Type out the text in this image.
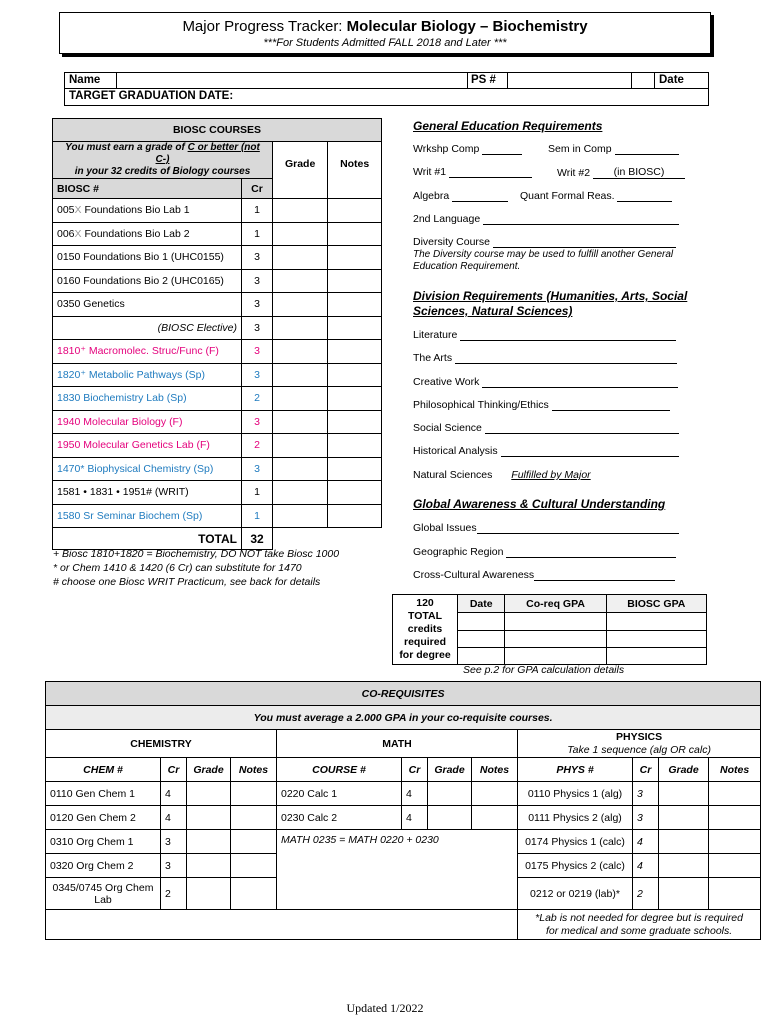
Major Progress Tracker: Molecular Biology – Biochemistry
***For Students Admitted FALL 2018 and Later ***
Name	PS #	Date
TARGET GRADUATION DATE:
BIOSC COURSES			
You must earn a grade of C or better (not C-)
in your 32 credits of Biology courses		Grade	Notes
BIOSC #	Cr		
005X Foundations Bio Lab 1	1		
006X Foundations Bio Lab 2	1		
0150 Foundations Bio 1 (UHC0155)	3		
0160 Foundations Bio 2 (UHC0165)	3		
0350 Genetics	3		
(BIOSC Elective)	3		
1810⁺ Macromolec. Struc/Func (F)	3		
1820⁺ Metabolic Pathways (Sp)	3		
1830 Biochemistry Lab (Sp)	2		
1940 Molecular Biology (F)	3		
1950 Molecular Genetics Lab (F)	2		
1470* Biophysical Chemistry (Sp)	3		
1581 • 1831 • 1951# (WRIT)	1		
1580 Sr Seminar Biochem (Sp)	1		
TOTAL	32		
+ Biosc 1810+1820 = Biochemistry, DO NOT take Biosc 1000
* or Chem 1410 & 1420 (6 Cr) can substitute for 1470
# choose one Biosc WRIT Practicum, see back for details
General Education Requirements
Wrkshp Comp	Sem in Comp
Writ #1	Writ #2 (in BIOSC)
Algebra	Quant Formal Reas.
2nd Language
Diversity Course
The Diversity course may be used to fulfill another General
Education Requirement.
Division Requirements (Humanities, Arts, Social
Sciences, Natural Sciences)
Literature
The Arts
Creative Work
Philosophical Thinking/Ethics
Social Science
Historical Analysis
Natural Sciences Fulfilled by Major
Global Awareness & Cultural Understanding
Global Issues
Geographic Region
Cross-Cultural Awareness
120
TOTAL
credits
required
for degree	Date	Co-req GPA	BIOSC GPA

See p.2 for GPA calculation details
CO-REQUISITES											
You must average a 2.000 GPA in your co-requisite courses.											
CHEMISTRY				MATH				PHYSICS
Take 1 sequence (alg OR calc)			

CHEM #	Cr	Grade	Notes	COURSE #	Cr	Grade	Notes	PHYS #	Cr	Grade	Notes
0110 Gen Chem 1	4			0220 Calc 1	4			0110 Physics 1 (alg)	3		
0120 Gen Chem 2	4			0230 Calc 2	4			0111 Physics 2 (alg)	3		
0310 Org Chem 1	3			MATH 0235 = MATH 0220 + 0230				0174 Physics 1 (calc)	4		
0320 Org Chem 2	3							0175 Physics 2 (calc)	4		
0345/0745 Org Chem Lab	2							0212 or 0219 (lab)*	2		

								*Lab is not needed for degree but is required
for medical and some graduate schools.			
Updated 1/2022
